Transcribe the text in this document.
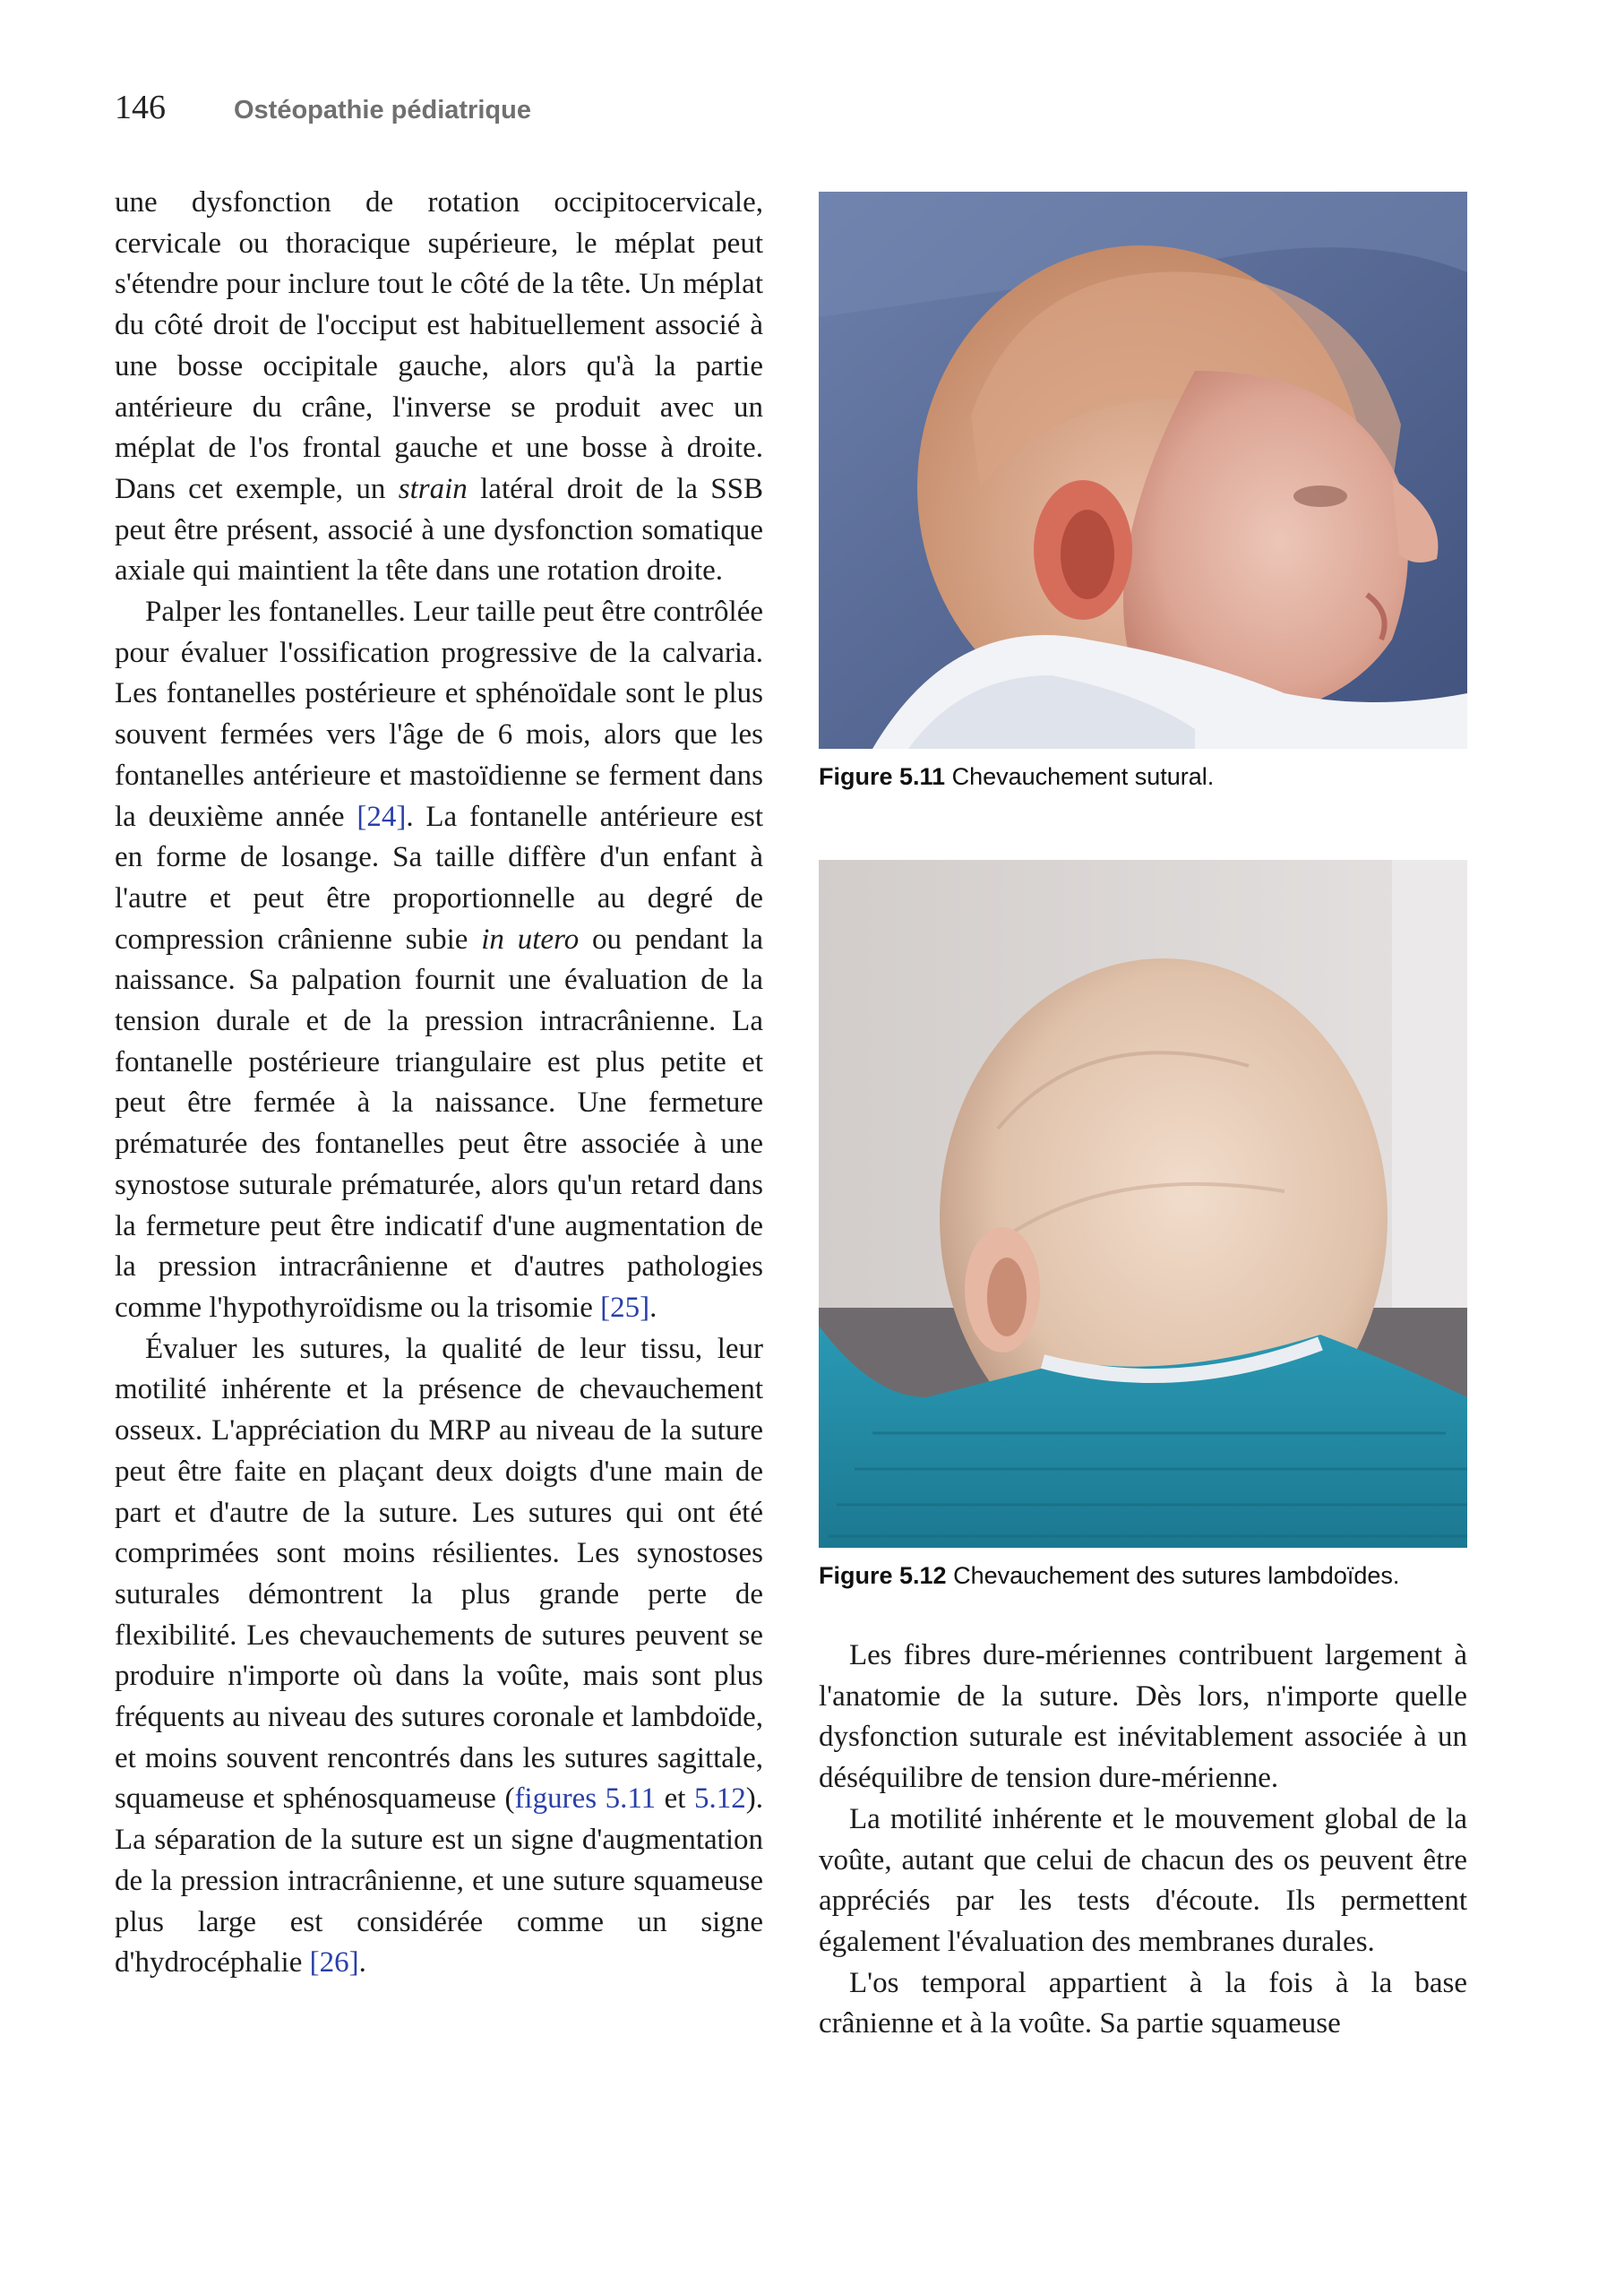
146	Ostéopathie pédiatrique

une dysfonction de rotation occipitocervicale, cervicale ou thoracique supérieure, le méplat peut s'étendre pour inclure tout le côté de la tête. Un méplat du côté droit de l'occiput est habituellement associé à une bosse occipitale gauche, alors qu'à la partie antérieure du crâne, l'inverse se produit avec un méplat de l'os frontal gauche et une bosse à droite. Dans cet exemple, un strain latéral droit de la SSB peut être présent, associé à une dysfonction somatique axiale qui maintient la tête dans une rotation droite.

Palper les fontanelles. Leur taille peut être contrôlée pour évaluer l'ossification progressive de la calvaria. Les fontanelles postérieure et sphénoïdale sont le plus souvent fermées vers l'âge de 6 mois, alors que les fontanelles antérieure et mastoïdienne se ferment dans la deuxième année [24]. La fontanelle antérieure est en forme de losange. Sa taille diffère d'un enfant à l'autre et peut être proportionnelle au degré de compression crânienne subie in utero ou pendant la naissance. Sa palpation fournit une évaluation de la tension durale et de la pression intracrânienne. La fontanelle postérieure triangulaire est plus petite et peut être fermée à la naissance. Une fermeture prématurée des fontanelles peut être associée à une synostose suturale prématurée, alors qu'un retard dans la fermeture peut être indicatif d'une augmentation de la pression intracrânienne et d'autres pathologies comme l'hypothyroïdisme ou la trisomie [25].

Évaluer les sutures, la qualité de leur tissu, leur motilité inhérente et la présence de chevauchement osseux. L'appréciation du MRP au niveau de la suture peut être faite en plaçant deux doigts d'une main de part et d'autre de la suture. Les sutures qui ont été comprimées sont moins résilientes. Les synostoses suturales démontrent la plus grande perte de flexibilité. Les chevauchements de sutures peuvent se produire n'importe où dans la voûte, mais sont plus fréquents au niveau des sutures coronale et lambdoïde, et moins souvent rencontrés dans les sutures sagittale, squameuse et sphénosquameuse (figures 5.11 et 5.12). La séparation de la suture est un signe d'augmentation de la pression intracrânienne, et une suture squameuse plus large est considérée comme un signe d'hydrocéphalie [26].

Figure 5.11 Chevauchement sutural.
Figure 5.12 Chevauchement des sutures lambdoïdes.

Les fibres dure-mériennes contribuent largement à l'anatomie de la suture. Dès lors, n'importe quelle dysfonction suturale est inévitablement associée à un déséquilibre de tension dure-mérienne.

La motilité inhérente et le mouvement global de la voûte, autant que celui de chacun des os peuvent être appréciés par les tests d'écoute. Ils permettent également l'évaluation des membranes durales.

L'os temporal appartient à la fois à la base crânienne et à la voûte. Sa partie squameuse
